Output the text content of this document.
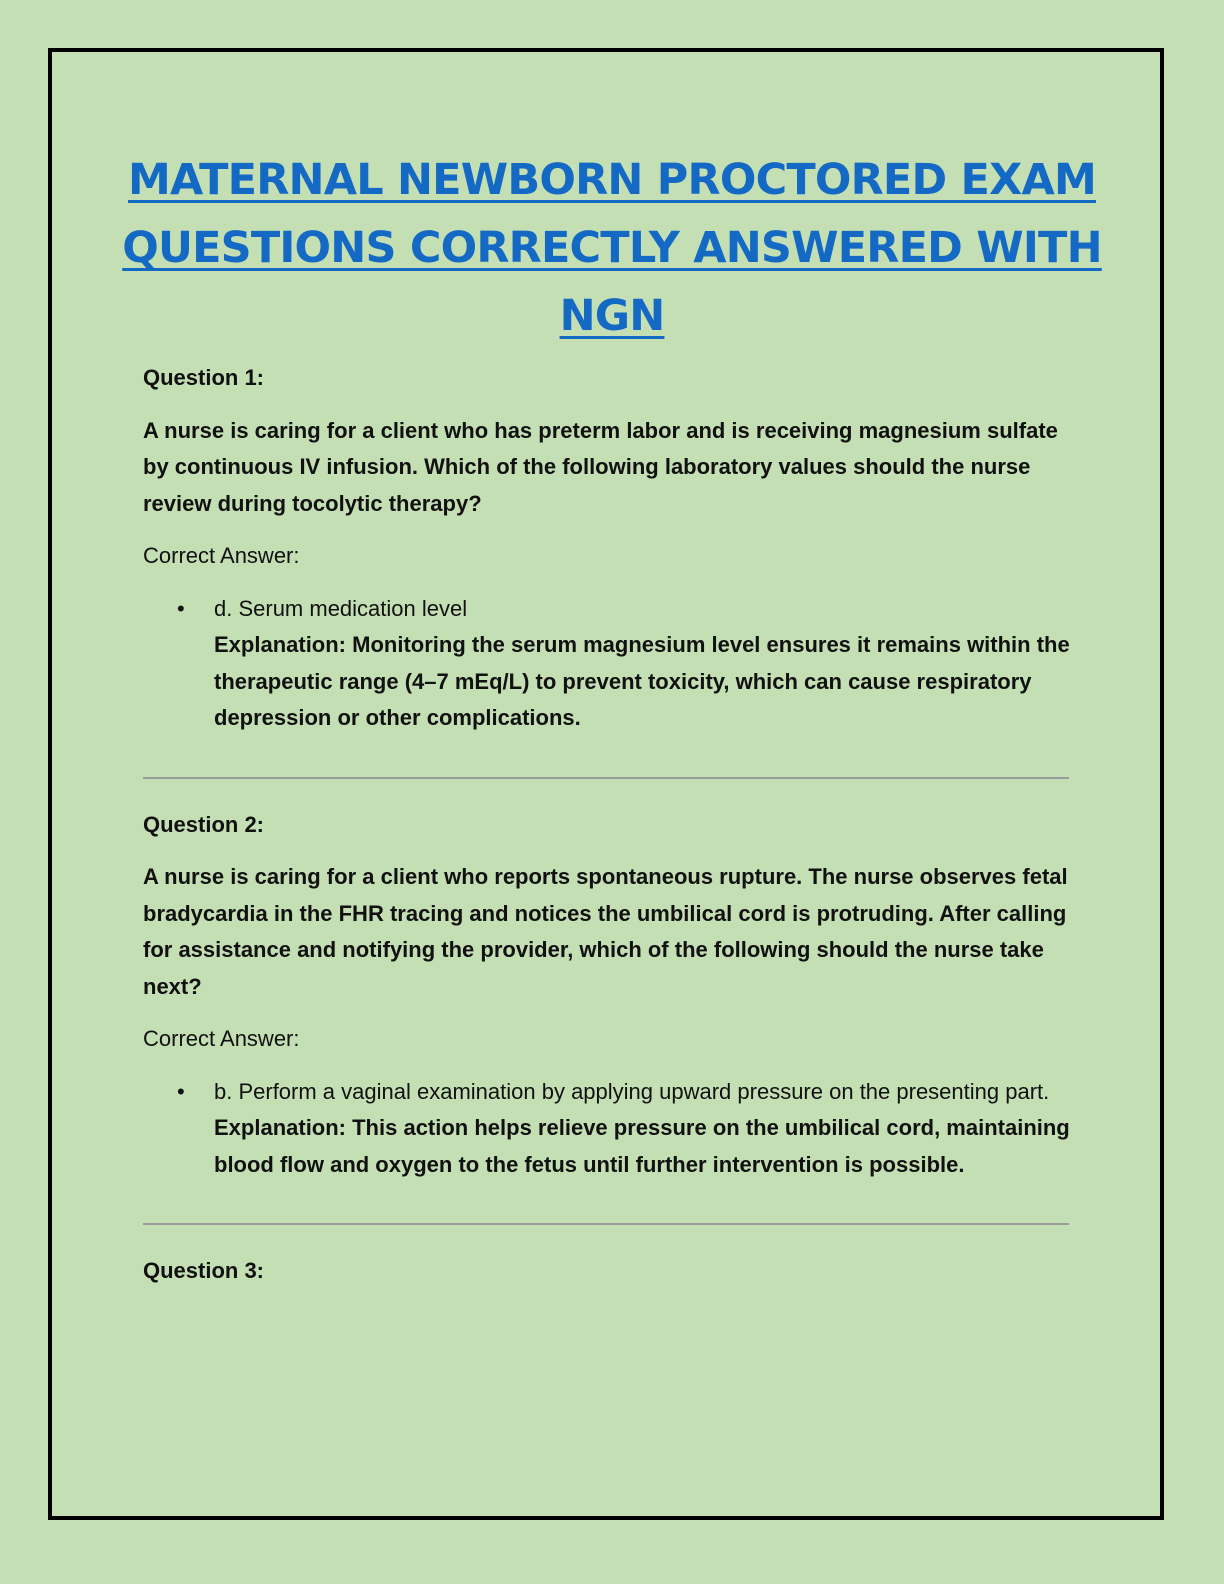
MATERNAL NEWBORN PROCTORED EXAM QUESTIONS CORRECTLY ANSWERED WITH NGN

Question 1:

A nurse is caring for a client who has preterm labor and is receiving magnesium sulfate by continuous IV infusion. Which of the following laboratory values should the nurse review during tocolytic therapy?

Correct Answer:

• d. Serum medication level
Explanation: Monitoring the serum magnesium level ensures it remains within the therapeutic range (4–7 mEq/L) to prevent toxicity, which can cause respiratory depression or other complications.

Question 2:

A nurse is caring for a client who reports spontaneous rupture. The nurse observes fetal bradycardia in the FHR tracing and notices the umbilical cord is protruding. After calling for assistance and notifying the provider, which of the following should the nurse take next?

Correct Answer:

• b. Perform a vaginal examination by applying upward pressure on the presenting part.
Explanation: This action helps relieve pressure on the umbilical cord, maintaining blood flow and oxygen to the fetus until further intervention is possible.

Question 3:
